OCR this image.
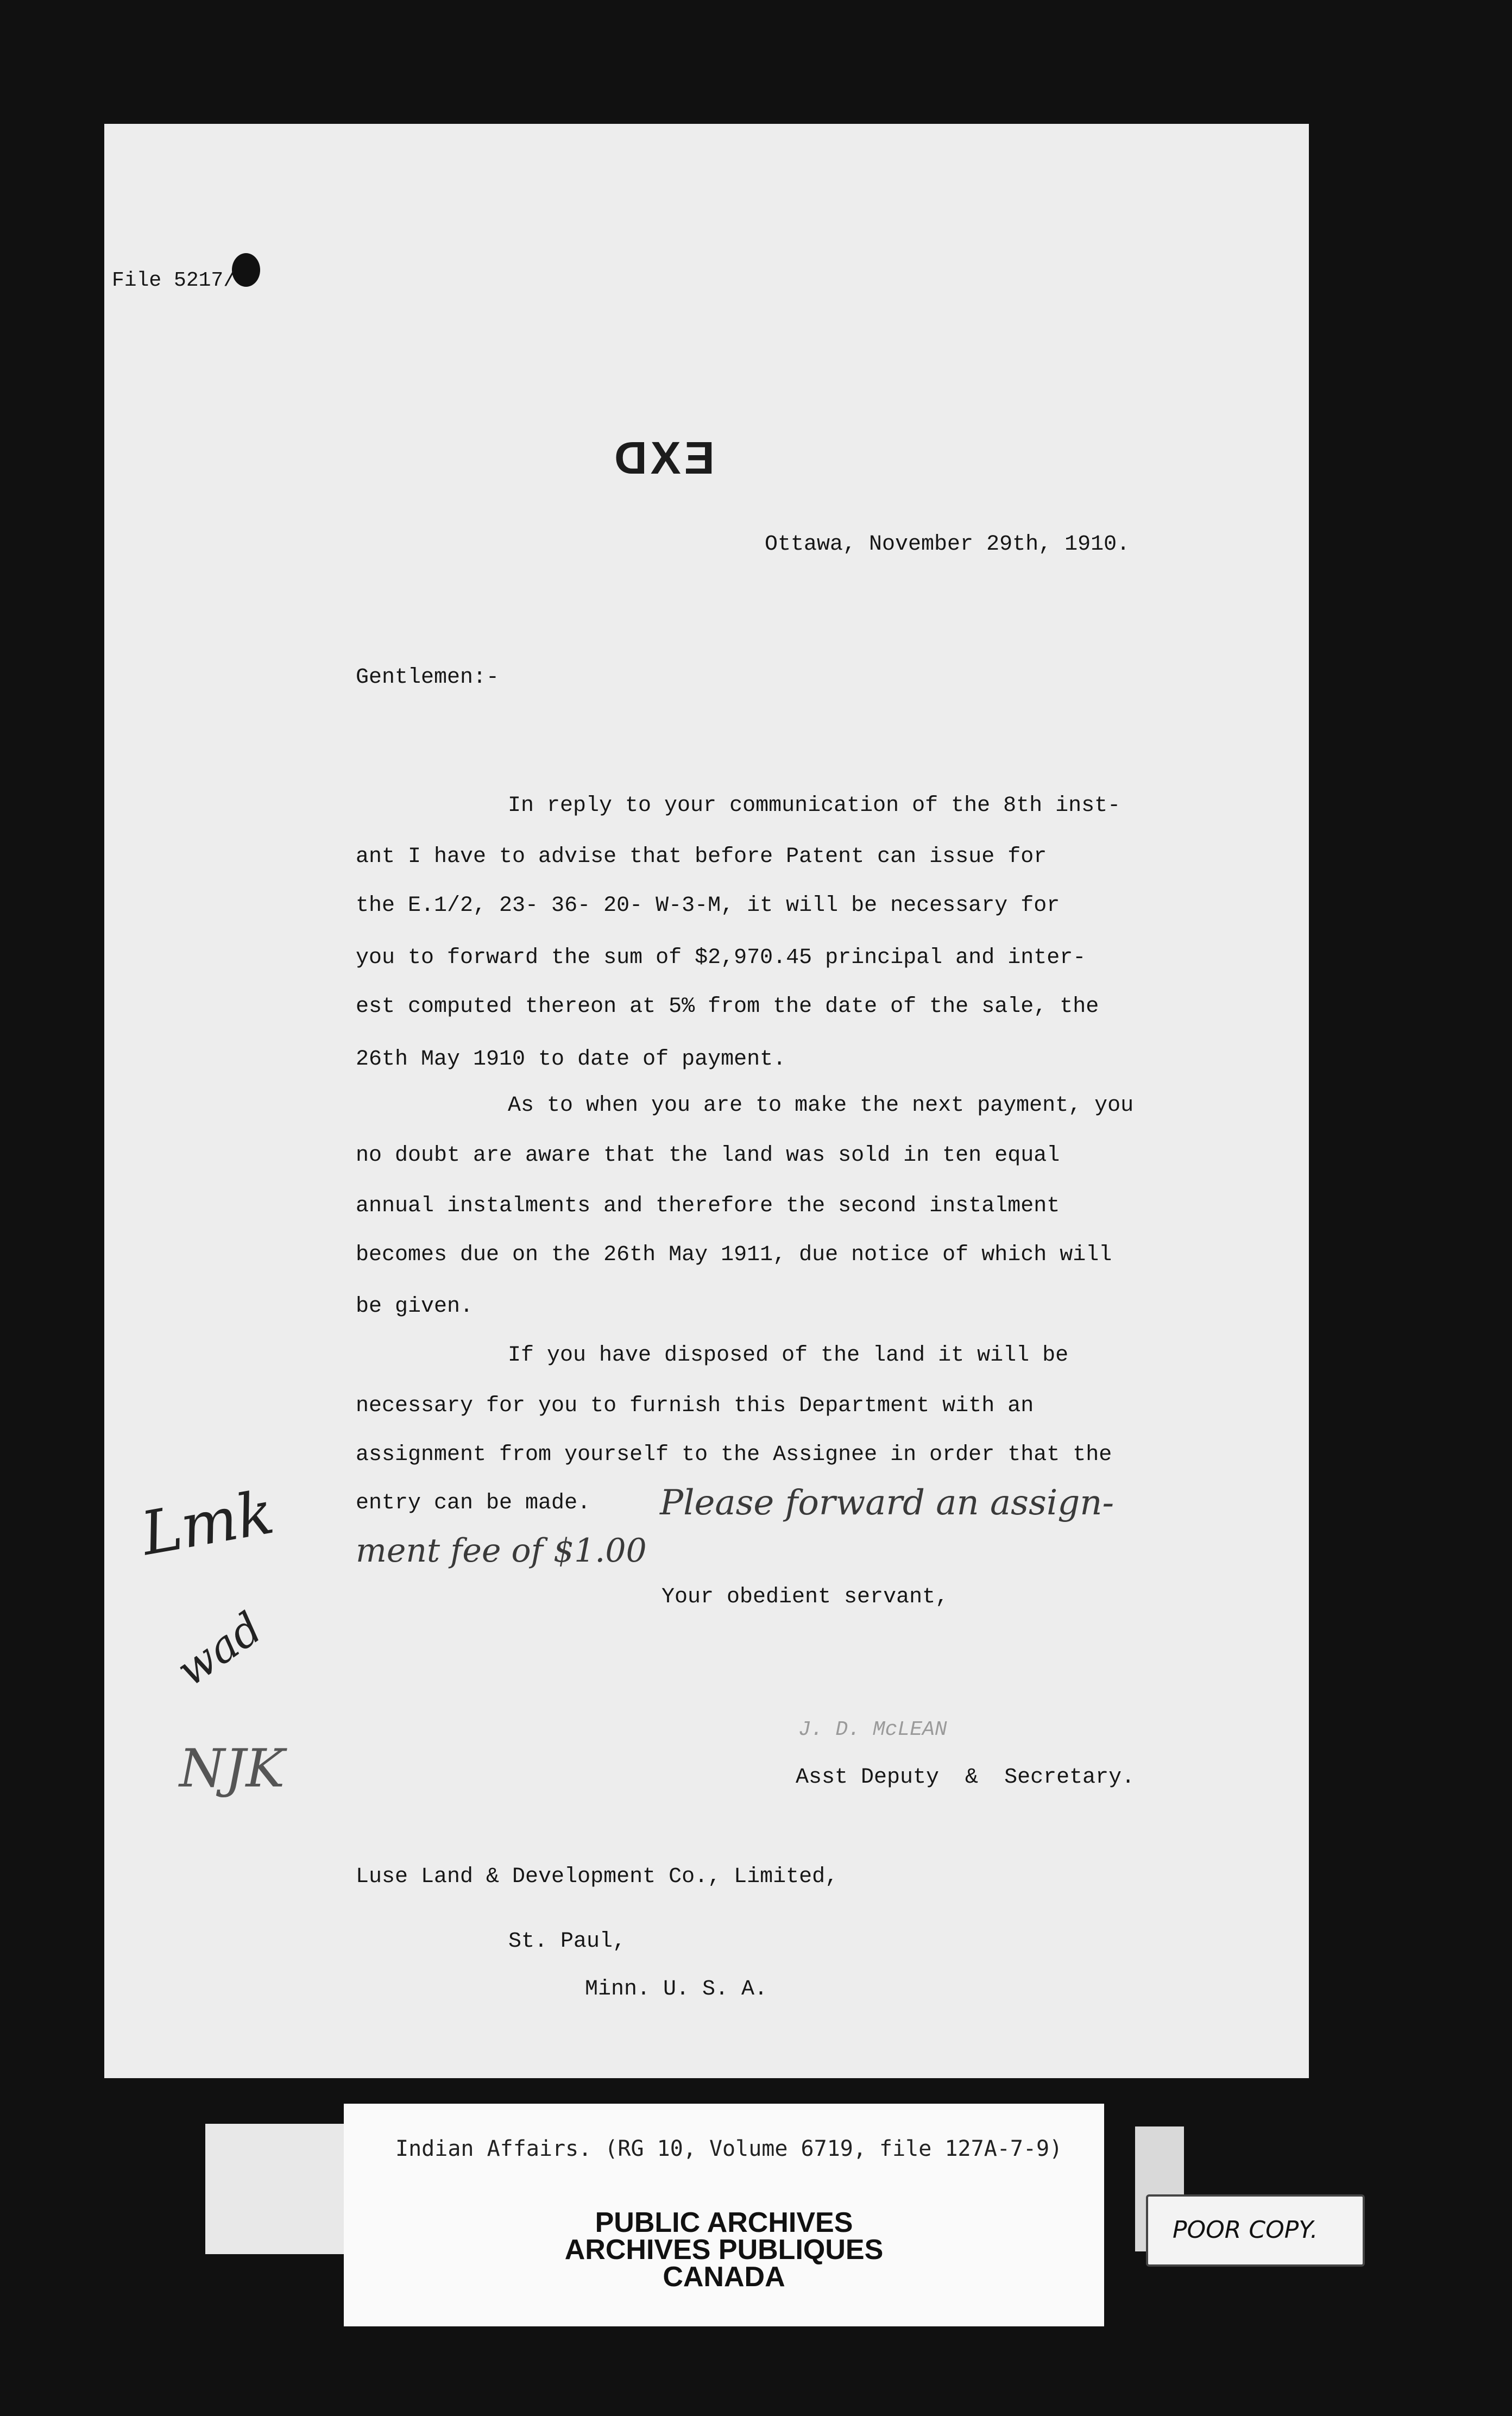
File 5217/
EXD
Ottawa, November 29th, 1910.
Gentlemen:-
In reply to your communication of the 8th inst-
ant I have to advise that before Patent can issue for
the E.1/2, 23- 36- 20- W-3-M, it will be necessary for
you to forward the sum of $2,970.45 principal and inter-
est computed thereon at 5% from the date of the sale, the
26th May 1910 to date of payment.
As to when you are to make the next payment, you
no doubt are aware that the land was sold in ten equal
annual instalments and therefore the second instalment
becomes due on the 26th May 1911, due notice of which will
be given.
If you have disposed of the land it will be
necessary for you to furnish this Department with an
assignment from yourself to the Assignee in order that the
entry can be made. Please forward an assign-
ment fee of $1.00
Your obedient servant,
J. D. McLEAN
Asst Deputy  &  Secretary.
Luse Land & Development Co., Limited,
St. Paul,
Minn. U. S. A.
Lmk
wad
NJK
Indian Affairs. (RG 10, Volume 6719, file 127A-7-9)
PUBLIC ARCHIVES
ARCHIVES PUBLIQUES
CANADA
POOR COPY.
